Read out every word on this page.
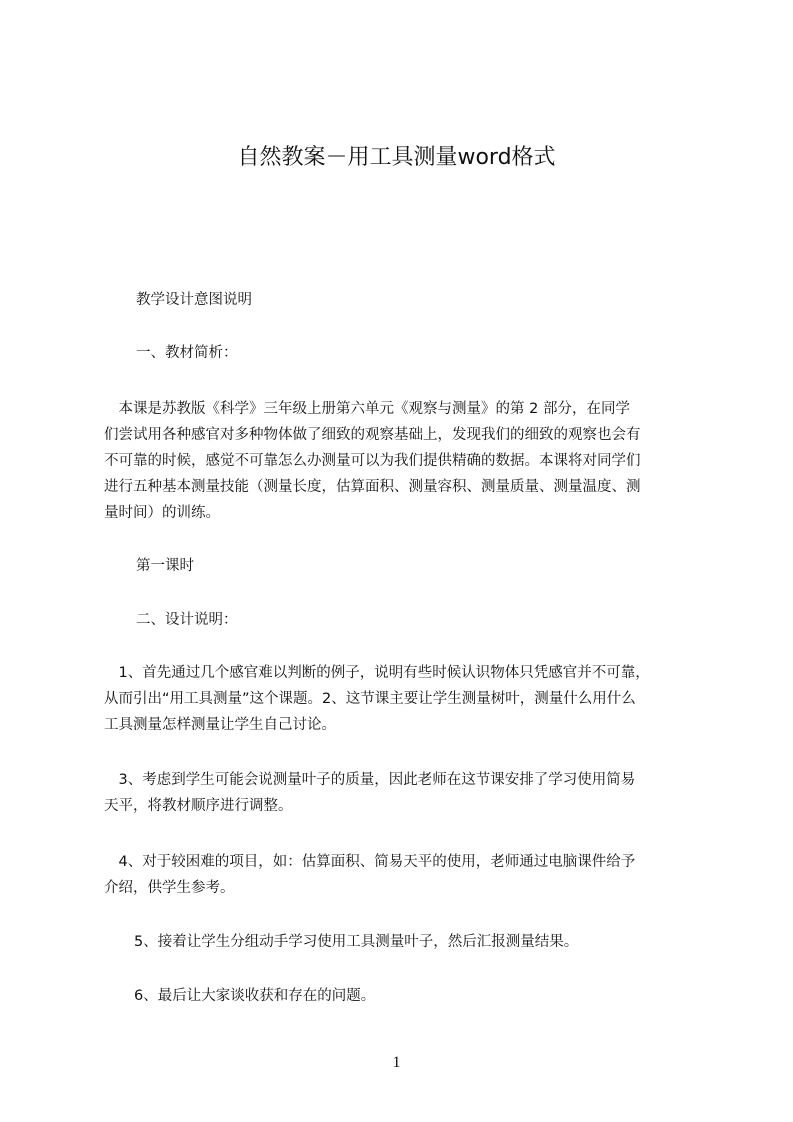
自然教案－用工具测量word格式
教学设计意图说明
一、教材简析：
　本课是苏教版《科学》三年级上册第六单元《观察与测量》的第 2 部分，在同学
们尝试用各种感官对多种物体做了细致的观察基础上，发现我们的细致的观察也会有
不可靠的时候，感觉不可靠怎么办测量可以为我们提供精确的数据。本课将对同学们
进行五种基本测量技能（测量长度，估算面积、测量容积、测量质量、测量温度、测
量时间）的训练。
第一课时
二、设计说明：
　1、首先通过几个感官难以判断的例子，说明有些时候认识物体只凭感官并不可靠，
从而引出“用工具测量”这个课题。2、这节课主要让学生测量树叶，测量什么用什么
工具测量怎样测量让学生自己讨论。
　3、考虑到学生可能会说测量叶子的质量，因此老师在这节课安排了学习使用简易
天平，将教材顺序进行调整。
　4、对于较困难的项目，如：估算面积、简易天平的使用，老师通过电脑课件给予
介绍，供学生参考。
5、接着让学生分组动手学习使用工具测量叶子，然后汇报测量结果。
6、最后让大家谈收获和存在的问题。
1
